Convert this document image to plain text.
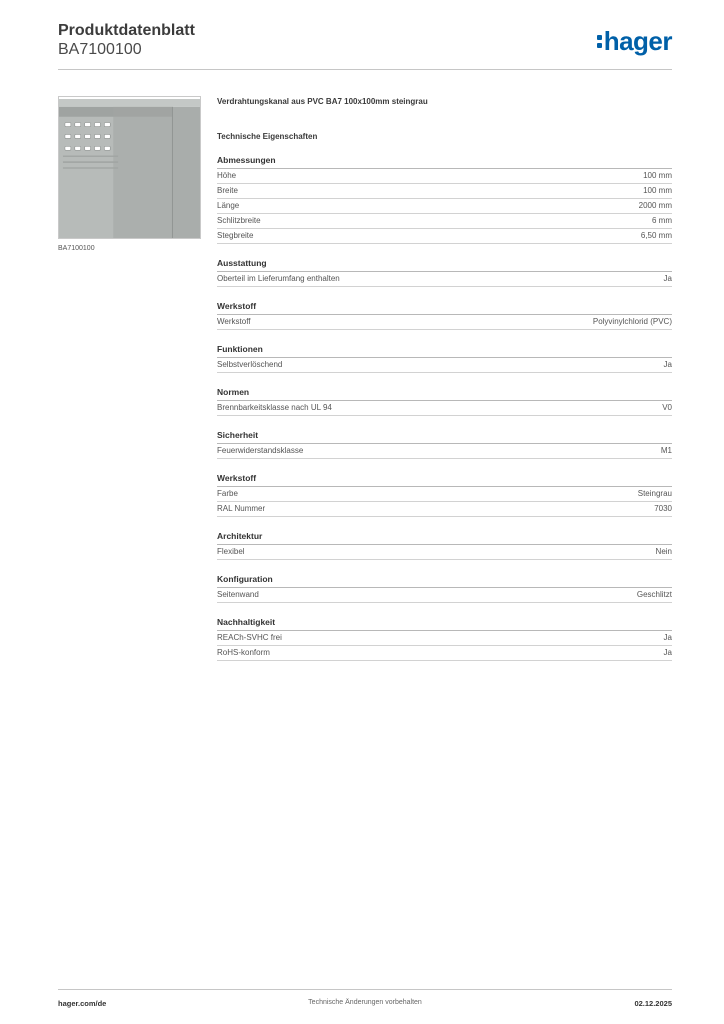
Produktdatenblatt
BA7100100	hager
BA7100100
Verdrahtungskanal aus PVC BA7 100x100mm steingrau
Technische Eigenschaften
Abmessungen
Höhe	100 mm
Breite	100 mm
Länge	2000 mm
Schlitzbreite	6 mm
Stegbreite	6,50 mm
Ausstattung
Oberteil im Lieferumfang enthalten	Ja
Werkstoff
Werkstoff	Polyvinylchlorid (PVC)
Funktionen
Selbstverlöschend	Ja
Normen
Brennbarkeitsklasse nach UL 94	V0
Sicherheit
Feuerwiderstandsklasse	M1
Werkstoff
Farbe	Steingrau
RAL Nummer	7030
Architektur
Flexibel	Nein
Konfiguration
Seitenwand	Geschlitzt
Nachhaltigkeit
REACh-SVHC frei	Ja
RoHS-konform	Ja
hager.com/de	Technische Änderungen vorbehalten	02.12.2025
